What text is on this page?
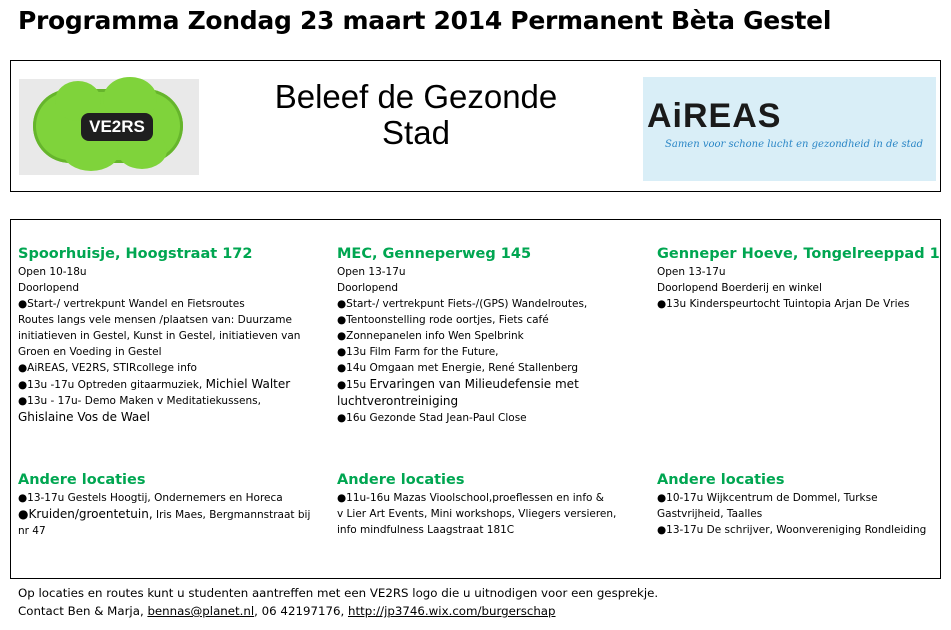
Programma Zondag 23 maart 2014 Permanent Bèta Gestel
VE2RS
Beleef de Gezonde
Stad	AiREAS
Samen voor schone lucht en gezondheid in de stad
Spoorhuisje, Hoogstraat 172
Open 10-18u
Doorlopend
●Start-/ vertrekpunt Wandel en Fietsroutes
Routes langs vele mensen /plaatsen van: Duurzame
initiatieven in Gestel, Kunst in Gestel, initiatieven van
Groen en Voeding in Gestel
●AiREAS, VE2RS, STIRcollege info
●13u -17u Optreden gitaarmuziek, Michiel Walter
●13u - 17u- Demo Maken v Meditatiekussens,
Ghislaine Vos de Wael
MEC, Genneperweg 145
Open 13-17u
Doorlopend
●Start-/ vertrekpunt Fiets-/(GPS) Wandelroutes,
●Tentoonstelling rode oortjes, Fiets café
●Zonnepanelen info Wen Spelbrink
●13u Film Farm for the Future,
●14u Omgaan met Energie, René Stallenberg
●15u Ervaringen van Milieudefensie met
luchtverontreiniging
●16u Gezonde Stad Jean-Paul Close
Genneper Hoeve, Tongelreeppad 1
Open 13-17u
Doorlopend Boerderij en winkel
●13u Kinderspeurtocht Tuintopia Arjan De Vries
Andere locaties
●13-17u Gestels Hoogtij, Ondernemers en Horeca
●Kruiden/groentetuin, Iris Maes, Bergmannstraat bij
nr 47
Andere locaties
●11u-16u Mazas Vioolschool,proeflessen en info &
v Lier Art Events, Mini workshops, Vliegers versieren,
info mindfulness Laagstraat 181C
Andere locaties
●10-17u Wijkcentrum de Dommel, Turkse
Gastvrijheid, Taalles
●13-17u De schrijver, Woonvereniging Rondleiding
Op locaties en routes kunt u studenten aantreffen met een VE2RS logo die u uitnodigen voor een gesprekje.
Contact Ben & Marja, bennas@planet.nl, 06 42197176, http://jp3746.wix.com/burgerschap
